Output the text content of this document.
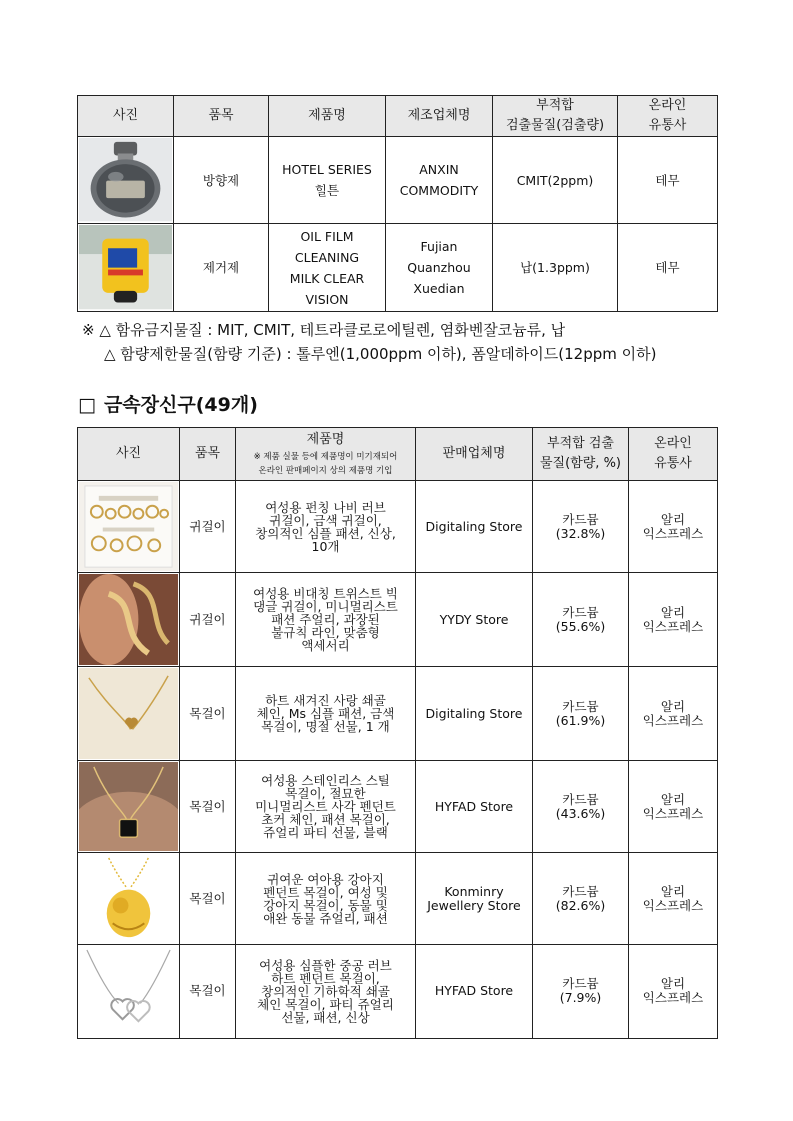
사진	품목	제품명	제조업체명	부적합
검출물질(검출량)	온라인
유통사

	방향제	HOTEL SERIES
힐튼	ANXIN
COMMODITY	CMIT(2ppm)	테무

	제거제	OIL FILM
CLEANING
MILK CLEAR
VISION	Fujian
Quanzhou
Xuedian	납(1.3ppm)	테무
※ △ 함유금지물질 : MIT, CMIT, 테트라클로로에틸렌, 염화벤잘코늄류, 납
△ 함량제한물질(함량 기준) : 톨루엔(1,000ppm 이하), 폼알데하이드(12ppm 이하)
□ 금속장신구(49개)
사진	품목	제품명
※ 제품 실물 등에 제품명이 미기재되어
온라인 판매페이지 상의 제품명 기입	판매업체명	부적합 검출
물질(함량, %)	온라인
유통사

	귀걸이	여성용 펀칭 나비 러브
귀걸이, 금색 귀걸이,
창의적인 심플 패션, 신상,
10개	Digitaling Store	카드뮴
(32.8%)	알리
익스프레스

	귀걸이	여성용 비대칭 트위스트 빅
댕글 귀걸이, 미니멀리스트
패션 주얼리, 과장된
불규칙 라인, 맞춤형
액세서리	YYDY Store	카드뮴
(55.6%)	알리
익스프레스

	목걸이	하트 새겨진 사랑 쇄골
체인, Ms 심플 패션, 금색
목걸이, 명절 선물, 1 개	Digitaling Store	카드뮴
(61.9%)	알리
익스프레스

	목걸이	여성용 스테인리스 스틸
목걸이, 절묘한
미니멀리스트 사각 펜던트
초커 체인, 패션 목걸이,
쥬얼리 파티 선물, 블랙	HYFAD Store	카드뮴
(43.6%)	알리
익스프레스

	목걸이	귀여운 여아용 강아지
펜던트 목걸이, 여성 및
강아지 목걸이, 동물 및
애완 동물 쥬얼리, 패션	Konminry
Jewellery Store	카드뮴
(82.6%)	알리
익스프레스

	목걸이	여성용 심플한 중공 러브
하트 펜던트 목걸이,
창의적인 기하학적 쇄골
체인 목걸이, 파티 쥬얼리
선물, 패션, 신상	HYFAD Store	카드뮴
(7.9%)	알리
익스프레스
